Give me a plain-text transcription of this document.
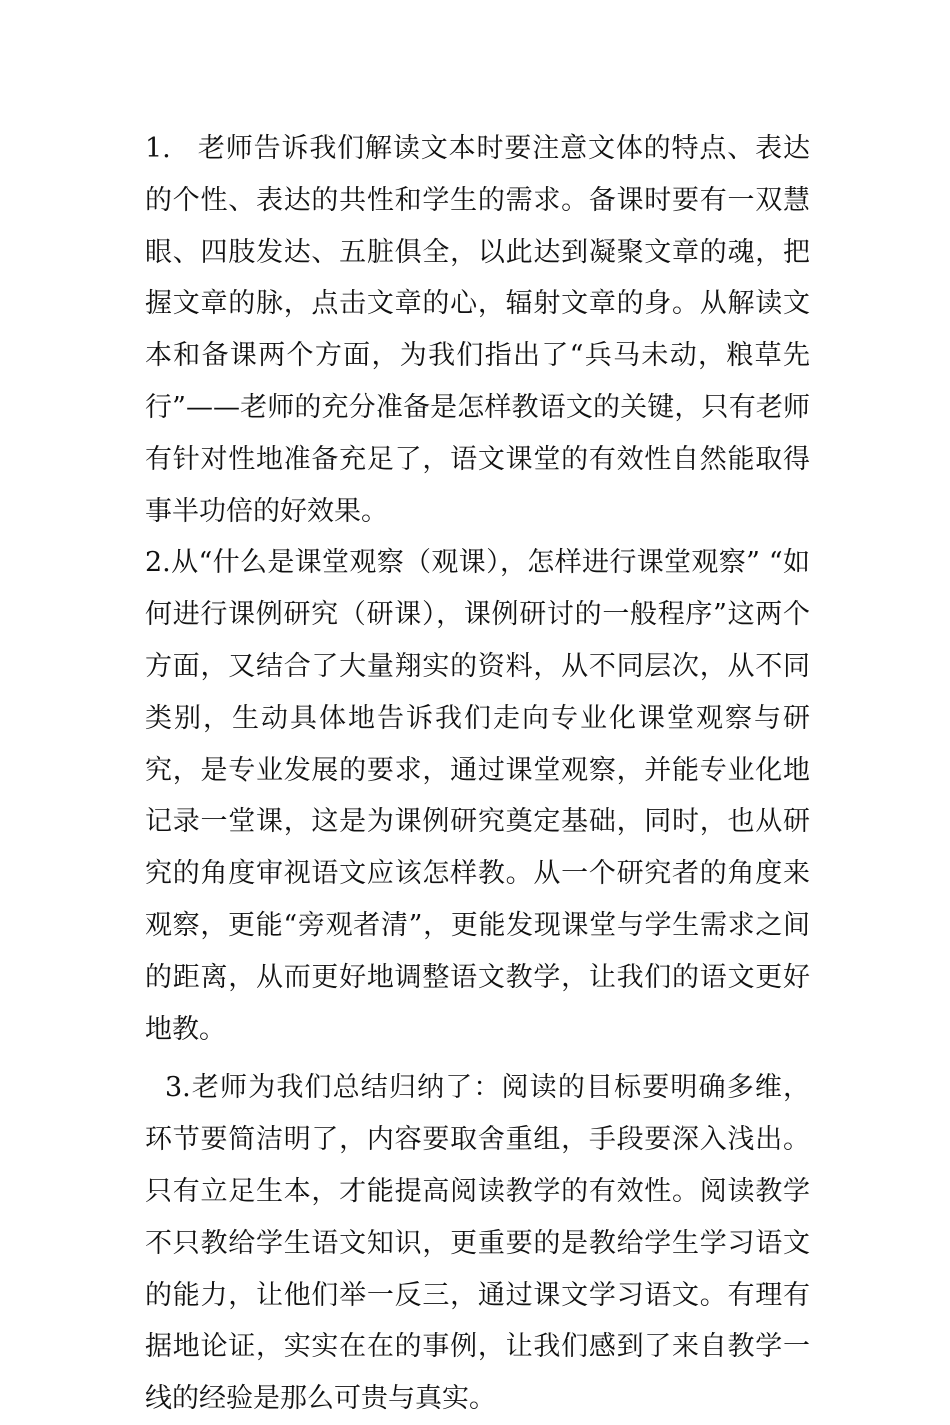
1. 老师告诉我们解读文本时要注意文体的特点、表达的个性、表达的共性和学生的需求。备课时要有一双慧眼、四肢发达、五脏俱全，以此达到凝聚文章的魂，把握文章的脉，点击文章的心，辐射文章的身。从解读文本和备课两个方面，为我们指出了“兵马未动，粮草先行”——老师的充分准备是怎样教语文的关键，只有老师有针对性地准备充足了，语文课堂的有效性自然能取得事半功倍的好效果。

2.从“什么是课堂观察（观课），怎样进行课堂观察” “如何进行课例研究（研课），课例研讨的一般程序”这两个方面，又结合了大量翔实的资料，从不同层次，从不同类别，生动具体地告诉我们走向专业化课堂观察与研究，是专业发展的要求，通过课堂观察，并能专业化地记录一堂课，这是为课例研究奠定基础，同时，也从研究的角度审视语文应该怎样教。从一个研究者的角度来观察，更能“旁观者清”，更能发现课堂与学生需求之间的距离，从而更好地调整语文教学，让我们的语文更好地教。

3.老师为我们总结归纳了：阅读的目标要明确多维，环节要简洁明了，内容要取舍重组，手段要深入浅出。只有立足生本，才能提高阅读教学的有效性。阅读教学不只教给学生语文知识，更重要的是教给学生学习语文的能力，让他们举一反三，通过课文学习语文。有理有据地论证，实实在在的事例，让我们感到了来自教学一线的经验是那么可贵与真实。
